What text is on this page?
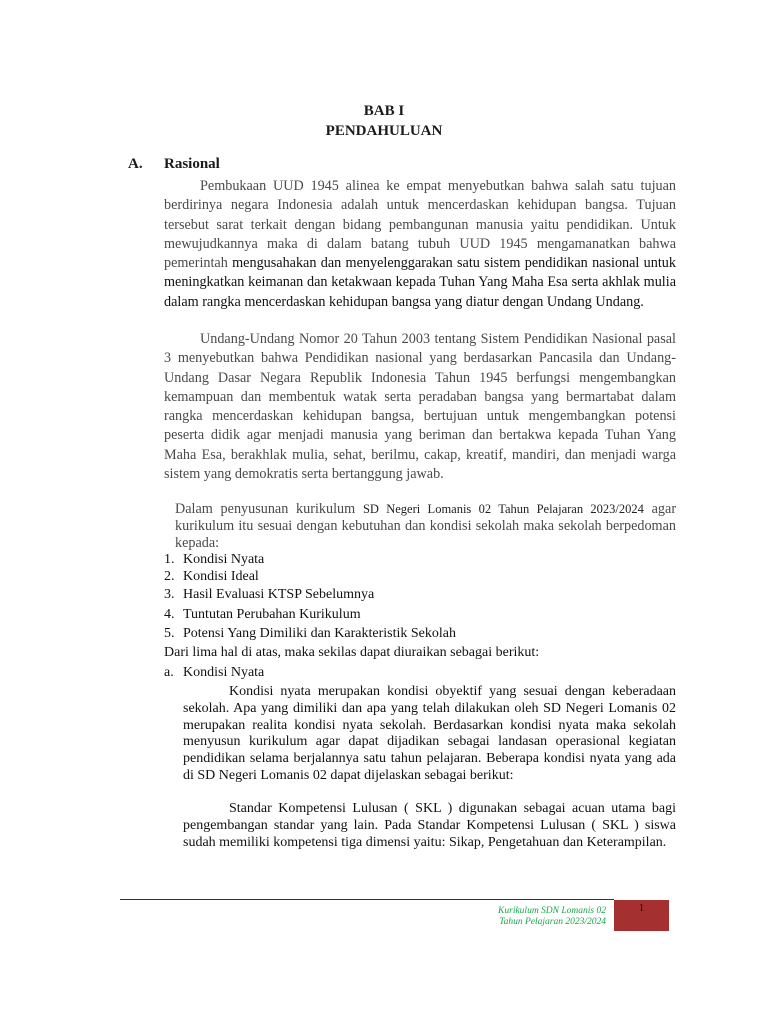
BAB I
PENDAHULUAN
A. Rasional
Pembukaan UUD 1945 alinea ke empat menyebutkan bahwa salah satu tujuan berdirinya negara Indonesia adalah untuk mencerdaskan kehidupan bangsa. Tujuan tersebut sarat terkait dengan bidang pembangunan manusia yaitu pendidikan. Untuk mewujudkannya maka di dalam batang tubuh UUD 1945 mengamanatkan bahwa pemerintah mengusahakan dan menyelenggarakan satu sistem pendidikan nasional untuk meningkatkan keimanan dan ketakwaan kepada Tuhan Yang Maha Esa serta akhlak mulia dalam rangka mencerdaskan kehidupan bangsa yang diatur dengan Undang Undang.
Undang-Undang Nomor 20 Tahun 2003 tentang Sistem Pendidikan Nasional pasal 3 menyebutkan bahwa Pendidikan nasional yang berdasarkan Pancasila dan Undang-Undang Dasar Negara Republik Indonesia Tahun 1945 berfungsi mengembangkan kemampuan dan membentuk watak serta peradaban bangsa yang bermartabat dalam rangka mencerdaskan kehidupan bangsa, bertujuan untuk mengembangkan potensi peserta didik agar menjadi manusia yang beriman dan bertakwa kepada Tuhan Yang Maha Esa, berakhlak mulia, sehat, berilmu, cakap, kreatif, mandiri, dan menjadi warga sistem yang demokratis serta bertanggung jawab.
Dalam penyusunan kurikulum SD Negeri Lomanis 02 Tahun Pelajaran 2023/2024 agar kurikulum itu sesuai dengan kebutuhan dan kondisi sekolah maka sekolah berpedoman kepada:
1. Kondisi Nyata
2. Kondisi Ideal
3. Hasil Evaluasi KTSP Sebelumnya
4. Tuntutan Perubahan Kurikulum
5. Potensi Yang Dimiliki dan Karakteristik Sekolah
Dari lima hal di atas, maka sekilas dapat diuraikan sebagai berikut:
a. Kondisi Nyata
Kondisi nyata merupakan kondisi obyektif yang sesuai dengan keberadaan sekolah. Apa yang dimiliki dan apa yang telah dilakukan oleh SD Negeri Lomanis 02 merupakan realita kondisi nyata sekolah. Berdasarkan kondisi nyata maka sekolah menyusun kurikulum agar dapat dijadikan sebagai landasan operasional kegiatan pendidikan selama berjalannya satu tahun pelajaran. Beberapa kondisi nyata yang ada di SD Negeri Lomanis 02 dapat dijelaskan sebagai berikut:
Standar Kompetensi Lulusan ( SKL ) digunakan sebagai acuan utama bagi pengembangan standar yang lain. Pada Standar Kompetensi Lulusan ( SKL ) siswa sudah memiliki kompetensi tiga dimensi yaitu: Sikap, Pengetahuan dan Keterampilan.
Kurikulum SDN Lomanis 02
Tahun Pelajaran 2023/2024
1
